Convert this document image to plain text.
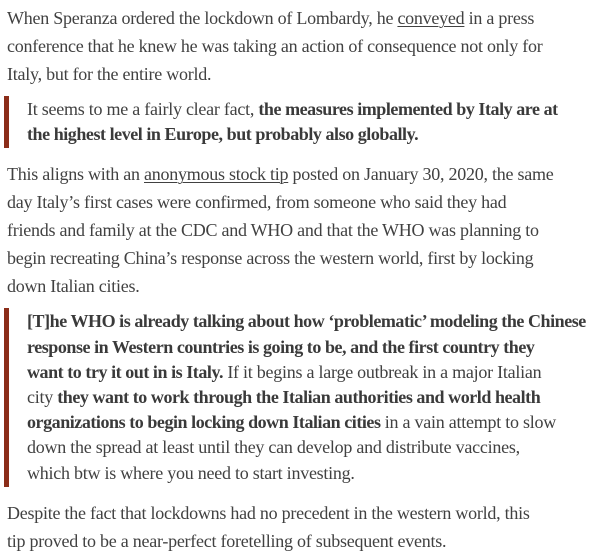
When Speranza ordered the lockdown of Lombardy, he conveyed in a press
conference that he knew he was taking an action of consequence not only for
Italy, but for the entire world.

It seems to me a fairly clear fact, the measures implemented by Italy are at
the highest level in Europe, but probably also globally.

This aligns with an anonymous stock tip posted on January 30, 2020, the same
day Italy’s first cases were confirmed, from someone who said they had
friends and family at the CDC and WHO and that the WHO was planning to
begin recreating China’s response across the western world, first by locking
down Italian cities.

[T]he WHO is already talking about how ‘problematic’ modeling the Chinese
response in Western countries is going to be, and the first country they
want to try it out in is Italy. If it begins a large outbreak in a major Italian
city they want to work through the Italian authorities and world health
organizations to begin locking down Italian cities in a vain attempt to slow
down the spread at least until they can develop and distribute vaccines,
which btw is where you need to start investing.

Despite the fact that lockdowns had no precedent in the western world, this
tip proved to be a near-perfect foretelling of subsequent events.
